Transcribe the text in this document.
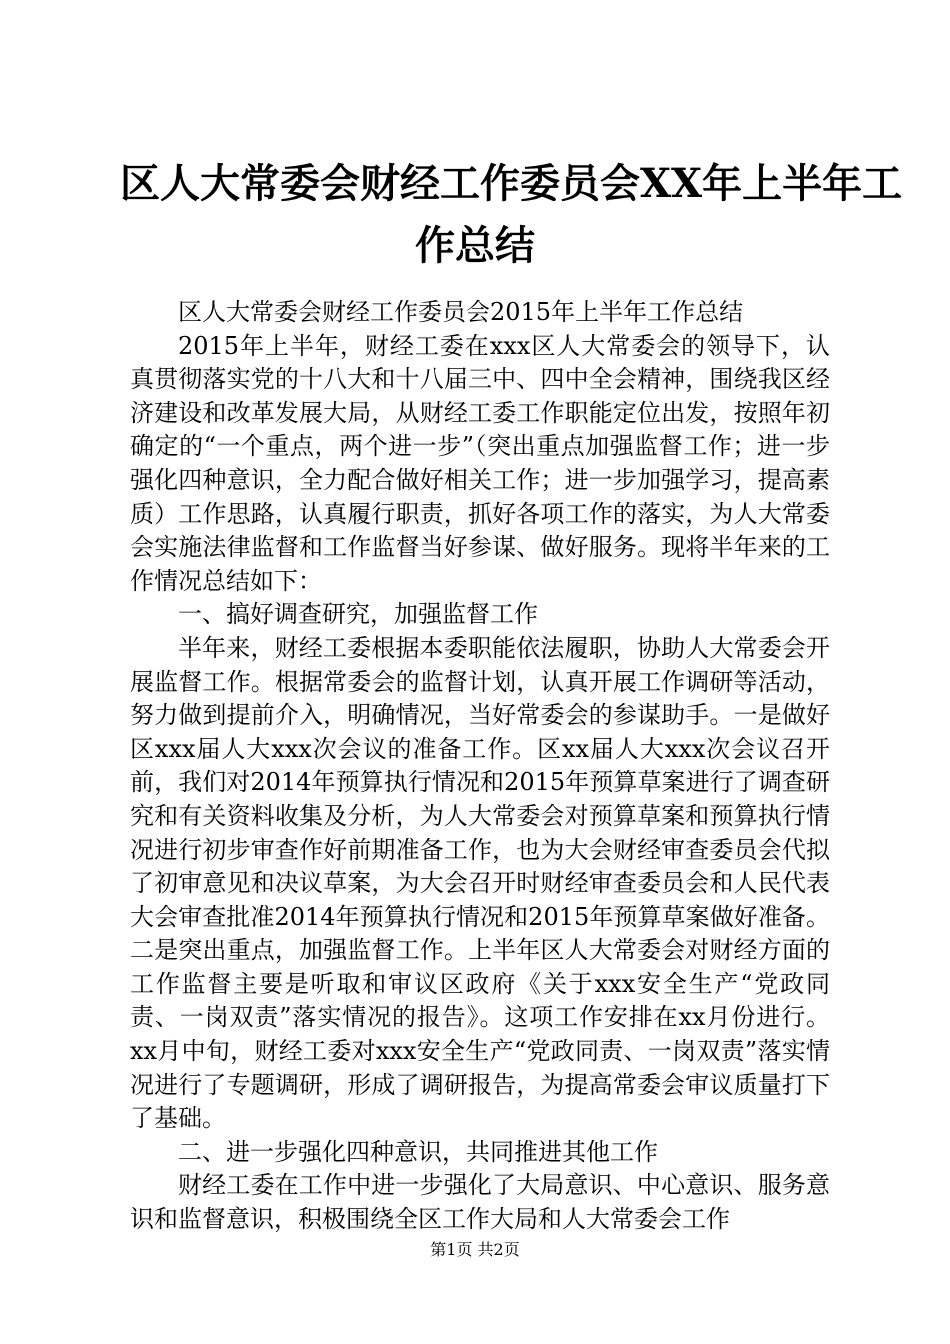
区人大常委会财经工作委员会XX年上半年工
作总结

区人大常委会财经工作委员会2015年上半年工作总结

2015年上半年，财经工委在xxx区人大常委会的领导下，认真贯彻落实党的十八大和十八届三中、四中全会精神，围绕我区经济建设和改革发展大局，从财经工委工作职能定位出发，按照年初确定的“一个重点，两个进一步”（突出重点加强监督工作；进一步强化四种意识，全力配合做好相关工作；进一步加强学习，提高素质）工作思路，认真履行职责，抓好各项工作的落实，为人大常委会实施法律监督和工作监督当好参谋、做好服务。现将半年来的工作情况总结如下：

一、搞好调查研究，加强监督工作

半年来，财经工委根据本委职能依法履职，协助人大常委会开展监督工作。根据常委会的监督计划，认真开展工作调研等活动，努力做到提前介入，明确情况，当好常委会的参谋助手。一是做好区xxx届人大xxx次会议的准备工作。区xx届人大xxx次会议召开前，我们对2014年预算执行情况和2015年预算草案进行了调查研究和有关资料收集及分析，为人大常委会对预算草案和预算执行情况进行初步审查作好前期准备工作，也为大会财经审查委员会代拟了初审意见和决议草案，为大会召开时财经审查委员会和人民代表大会审查批准2014年预算执行情况和2015年预算草案做好准备。二是突出重点，加强监督工作。上半年区人大常委会对财经方面的工作监督主要是听取和审议区政府《关于xxx安全生产“党政同责、一岗双责”落实情况的报告》。这项工作安排在xx月份进行。xx月中旬，财经工委对xxx安全生产“党政同责、一岗双责”落实情况进行了专题调研，形成了调研报告，为提高常委会审议质量打下了基础。

二、进一步强化四种意识，共同推进其他工作

财经工委在工作中进一步强化了大局意识、中心意识、服务意识和监督意识，积极围绕全区工作大局和人大常委会工作

第1页 共2页
